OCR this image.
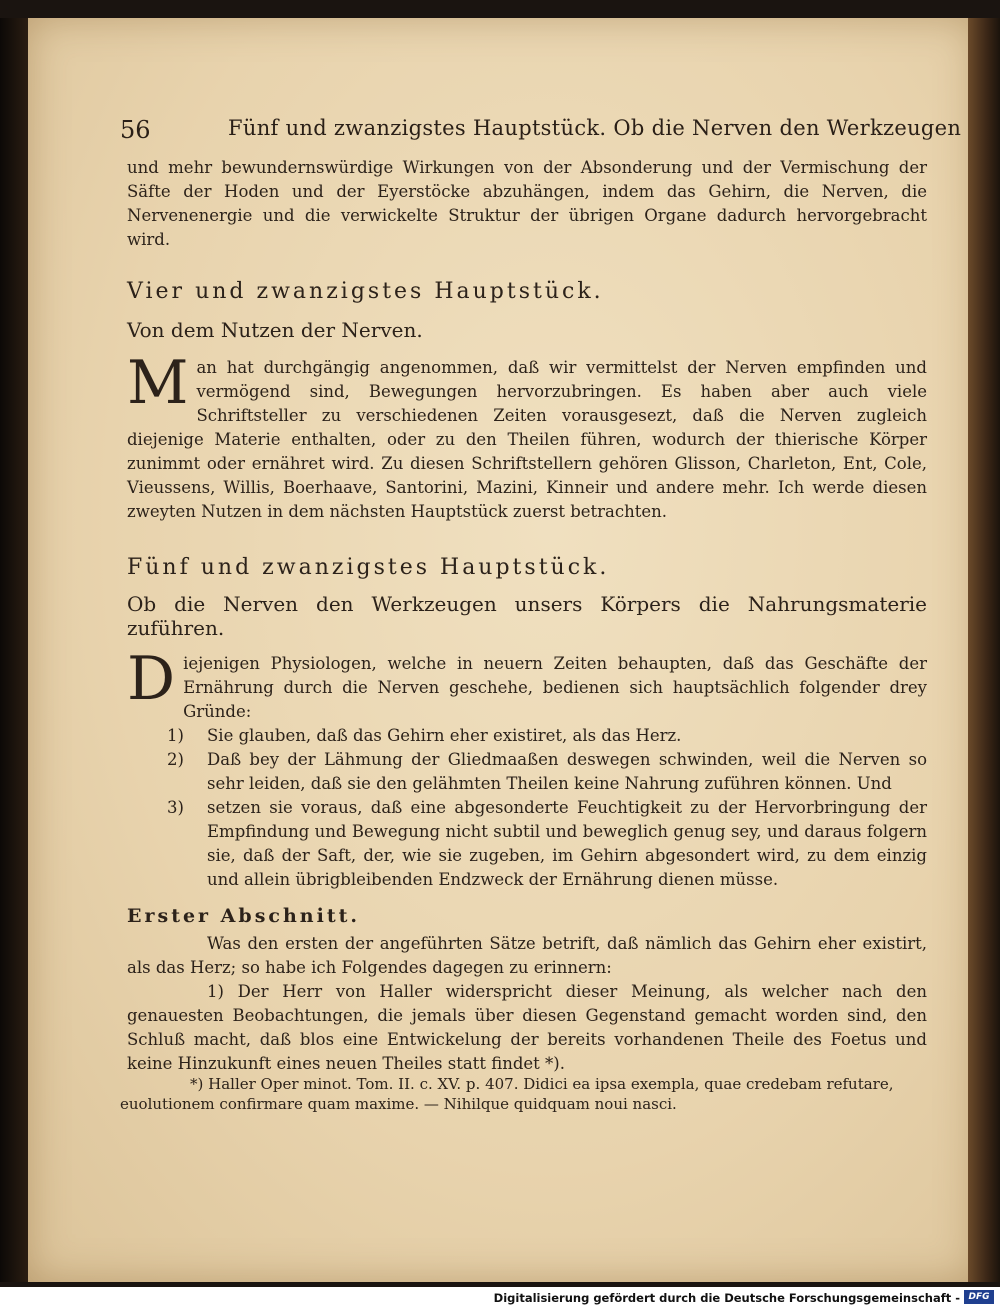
56	Fünf und zwanzigstes Hauptstück. Ob die Nerven den Werkzeugen

und mehr bewundernswürdige Wirkungen von der Absonderung und der Vermischung der Säfte der Hoden und der Eyerstöcke abzuhängen, indem das Gehirn, die Nerven, die Nervenenergie und die verwickelte Struktur der übrigen Organe dadurch hervorgebracht wird.

Vier und zwanzigstes Hauptstück.

Von dem Nutzen der Nerven.

M an hat durchgängig angenommen, daß wir vermittelst der Nerven empfinden und vermögend sind, Bewegungen hervorzubringen. Es haben aber auch viele Schriftsteller zu verschiedenen Zeiten vorausgesezt, daß die Nerven zugleich diejenige Materie enthalten, oder zu den Theilen führen, wodurch der thierische Körper zunimmt oder ernähret wird. Zu diesen Schriftstellern gehören Glisson, Charleton, Ent, Cole, Vieussens, Willis, Boerhaave, Santorini, Mazini, Kinneir und andere mehr. Ich werde diesen zweyten Nutzen in dem nächsten Hauptstück zuerst betrachten.

Fünf und zwanzigstes Hauptstück.

Ob die Nerven den Werkzeugen unsers Körpers die Nahrungsmaterie zuführen.

D iejenigen Physiologen, welche in neuern Zeiten behaupten, daß das Geschäfte der Ernährung durch die Nerven geschehe, bedienen sich hauptsächlich folgender drey Gründe:

1)	Sie glauben, daß das Gehirn eher existiret, als das Herz.
2)	Daß bey der Lähmung der Gliedmaaßen deswegen schwinden, weil die Nerven so sehr leiden, daß sie den gelähmten Theilen keine Nahrung zuführen können. Und
3)	setzen sie voraus, daß eine abgesonderte Feuchtigkeit zu der Hervorbringung der Empfindung und Bewegung nicht subtil und beweglich genug sey, und daraus folgern sie, daß der Saft, der, wie sie zugeben, im Gehirn abgesondert wird, zu dem einzig und allein übrigbleibenden Endzweck der Ernährung dienen müsse.

Erster Abschnitt.

Was den ersten der angeführten Sätze betrift, daß nämlich das Gehirn eher existirt, als das Herz; so habe ich Folgendes dagegen zu erinnern:

1) Der Herr von Haller widerspricht dieser Meinung, als welcher nach den genauesten Beobachtungen, die jemals über diesen Gegenstand gemacht worden sind, den Schluß macht, daß blos eine Entwickelung der bereits vorhandenen Theile des Foetus und keine Hinzukunft eines neuen Theiles statt findet *).

*) Haller Oper minot. Tom. II. c. XV. p. 407. Didici ea ipsa exempla, quae credebam refutare, euolutionem confirmare quam maxime. — Nihilque quidquam noui nasci.

Digitalisierung gefördert durch die Deutsche Forschungsgemeinschaft - DFG
